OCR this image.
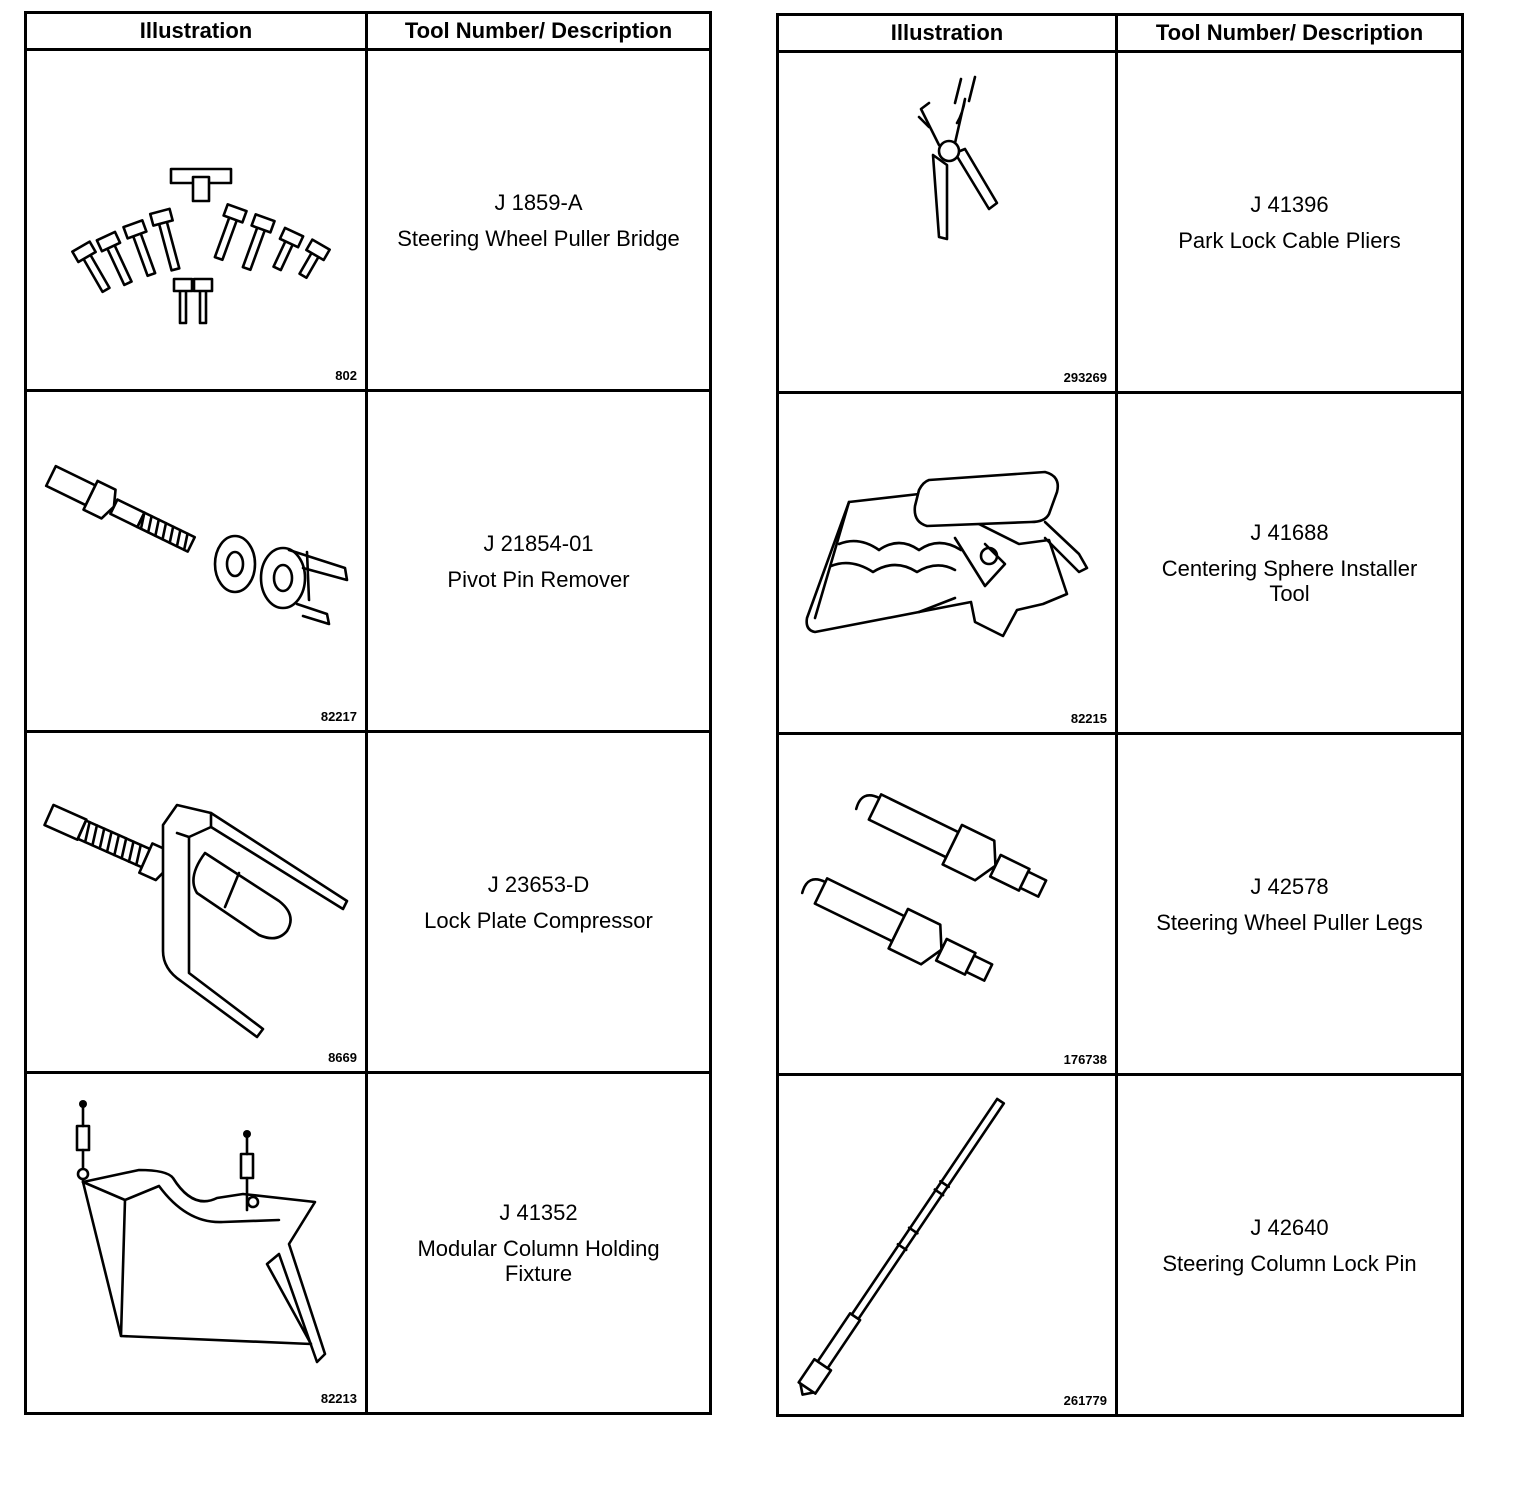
Illustration	Tool Number/ Description

802	J 1859-A
Steering Wheel Puller Bridge

82217	J 21854-01
Pivot Pin Remover

8669	J 23653-D
Lock Plate Compressor

82213	J 41352
Modular Column Holding Fixture
Illustration	Tool Number/ Description

293269	J 41396
Park Lock Cable Pliers

82215	J 41688
Centering Sphere Installer Tool

176738	J 42578
Steering Wheel Puller Legs

261779	J 42640
Steering Column Lock Pin
